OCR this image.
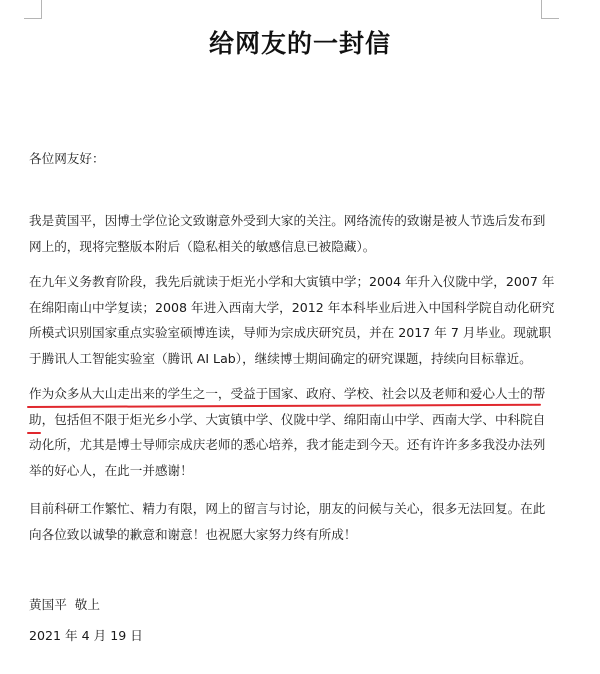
给网友的一封信

各位网友好：

我是黄国平，因博士学位论文致谢意外受到大家的关注。网络流传的致谢是被人节选后发布到
网上的，现将完整版本附后（隐私相关的敏感信息已被隐藏）。

在九年义务教育阶段，我先后就读于炬光小学和大寅镇中学；2004 年升入仪陇中学，2007 年
在绵阳南山中学复读；2008 年进入西南大学，2012 年本科毕业后进入中国科学院自动化研究
所模式识别国家重点实验室硕博连读，导师为宗成庆研究员，并在 2017 年 7 月毕业。现就职
于腾讯人工智能实验室（腾讯 AI Lab），继续博士期间确定的研究课题，持续向目标靠近。

作为众多从大山走出来的学生之一，受益于国家、政府、学校、社会以及老师和爱心人士的帮
助，包括但不限于炬光乡小学、大寅镇中学、仪陇中学、绵阳南山中学、西南大学、中科院自
动化所，尤其是博士导师宗成庆老师的悉心培养，我才能走到今天。还有许许多多我没办法列
举的好心人，在此一并感谢！

目前科研工作繁忙、精力有限，网上的留言与讨论，朋友的问候与关心，很多无法回复。在此
向各位致以诚挚的歉意和谢意！也祝愿大家努力终有所成！

黄国平  敬上

2021 年 4 月 19 日
